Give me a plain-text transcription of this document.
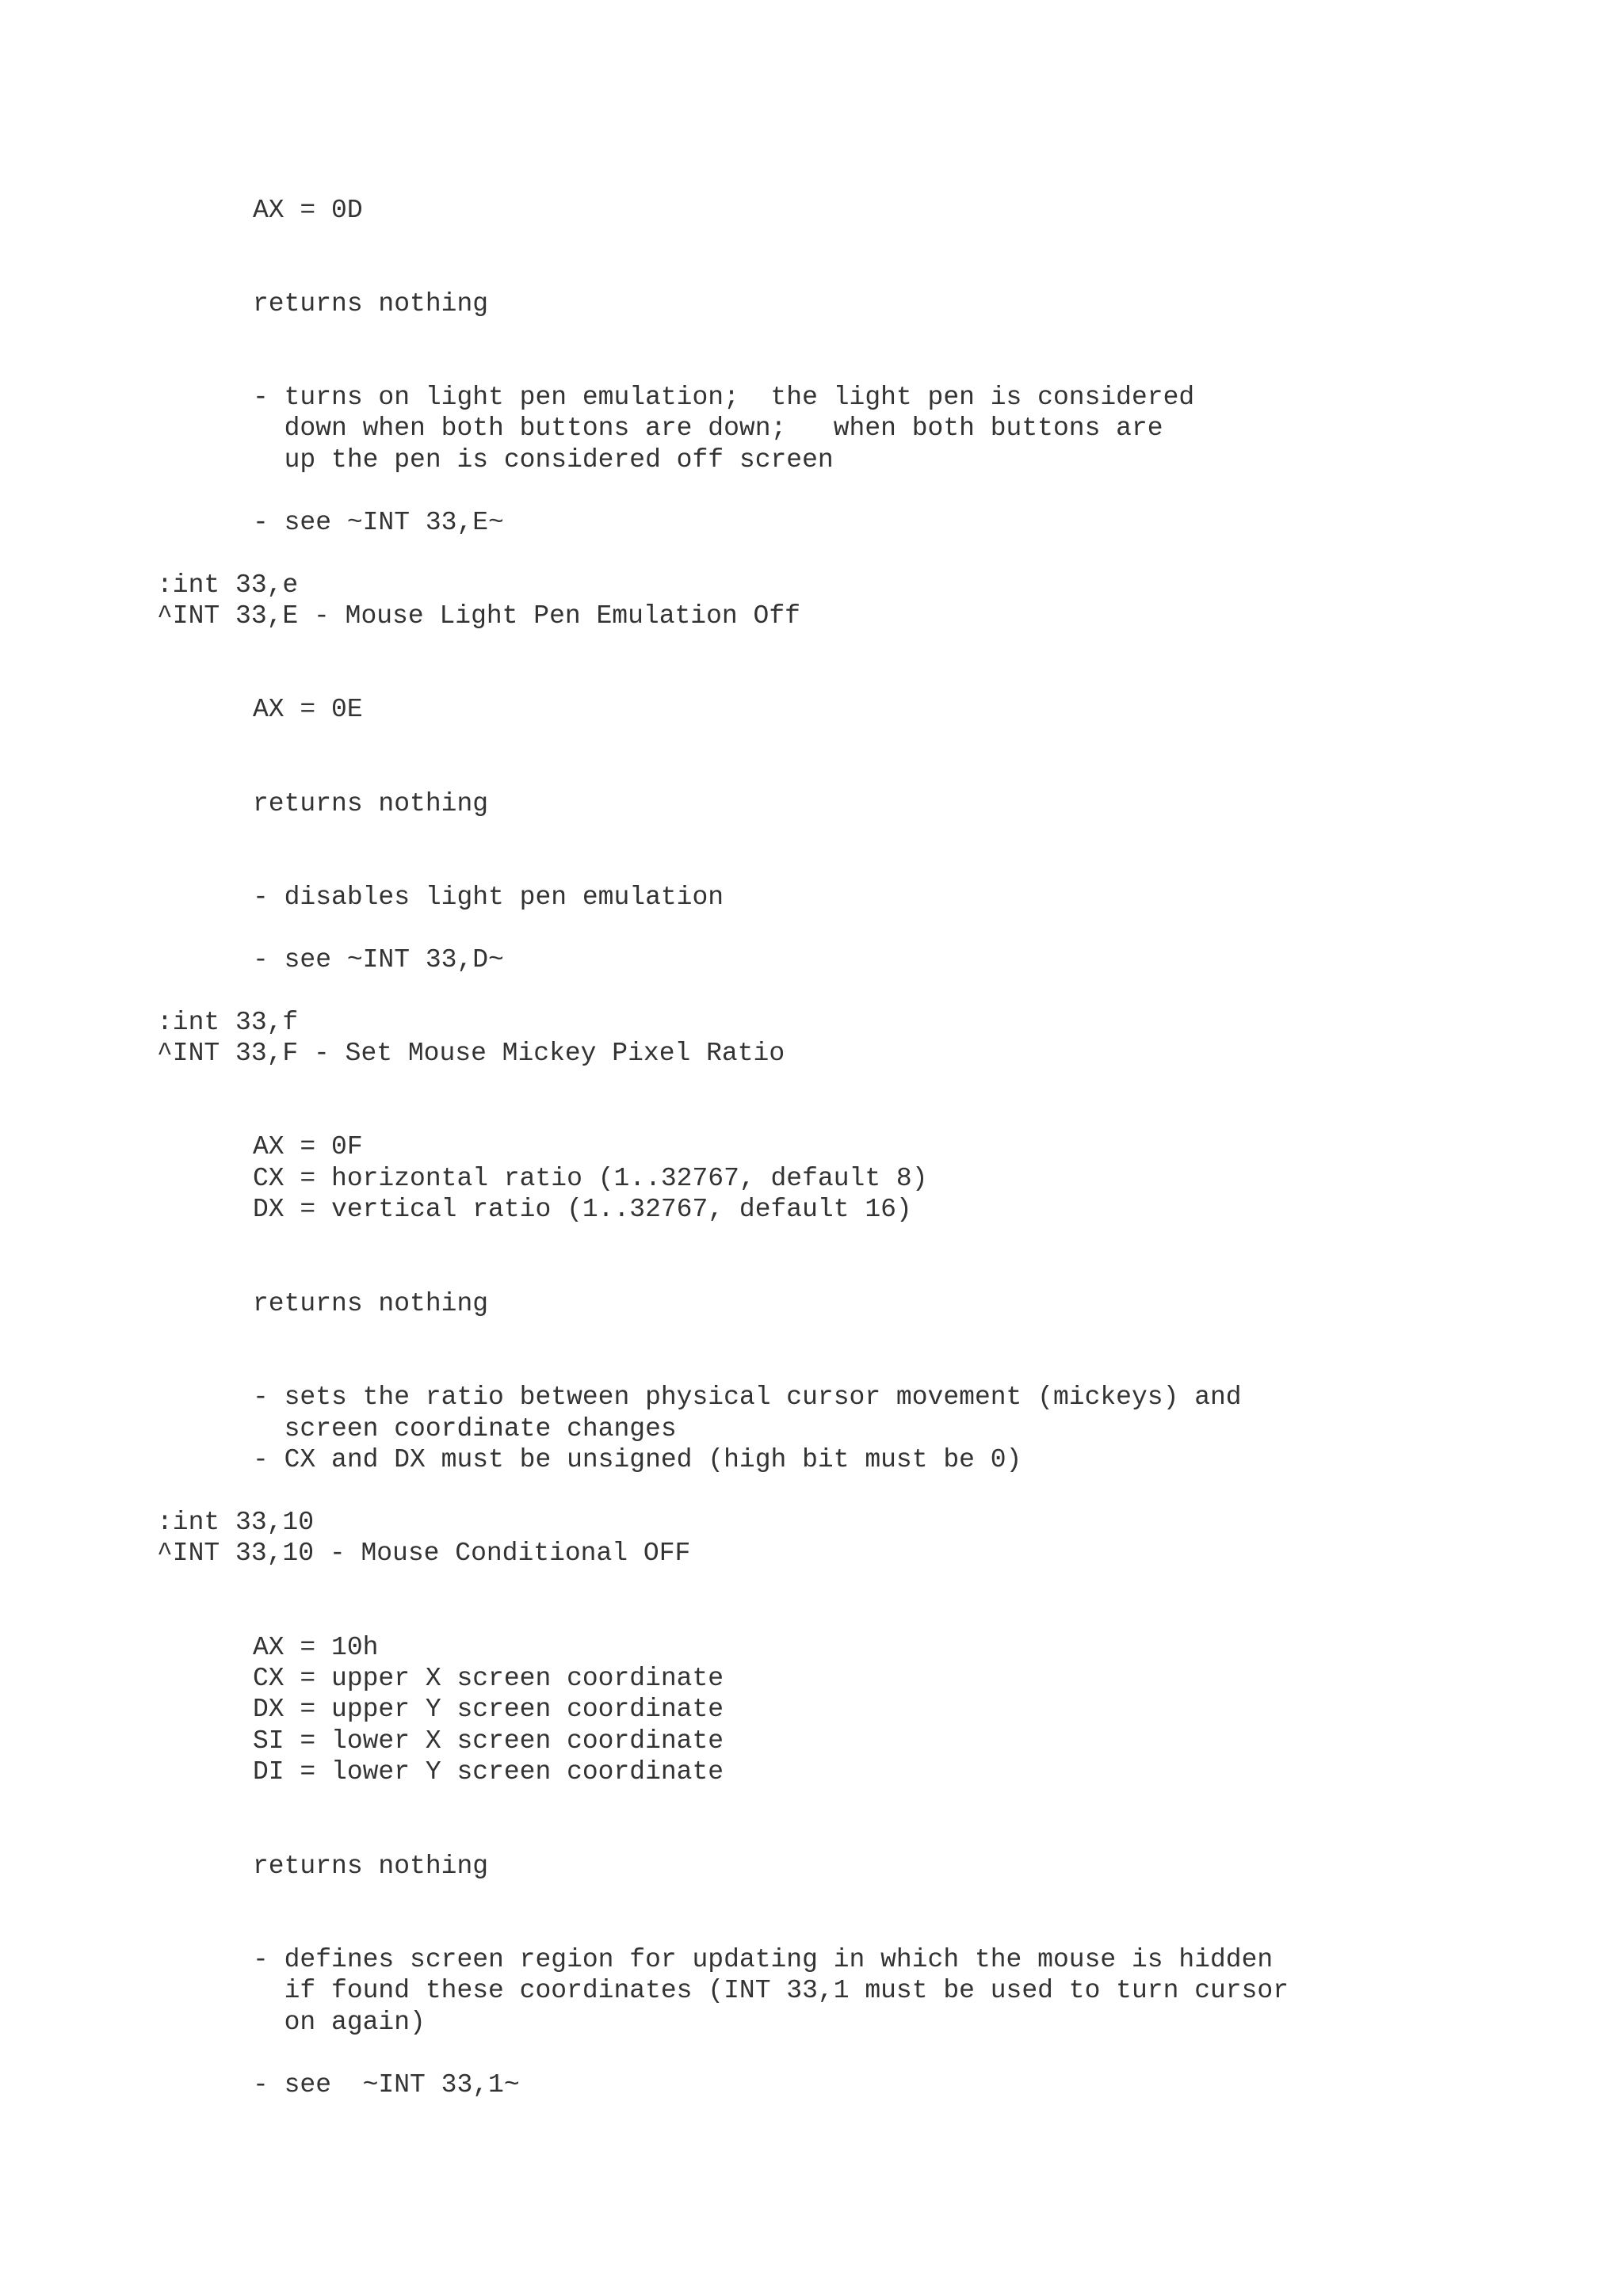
AX = 0D
returns nothing
- turns on light pen emulation;  the light pen is considered
down when both buttons are down;   when both buttons are
up the pen is considered off screen
- see ~INT 33,E~
:int 33,e
^INT 33,E - Mouse Light Pen Emulation Off
AX = 0E
returns nothing
- disables light pen emulation
- see ~INT 33,D~
:int 33,f
^INT 33,F - Set Mouse Mickey Pixel Ratio
AX = 0F
CX = horizontal ratio (1..32767, default 8)
DX = vertical ratio (1..32767, default 16)
returns nothing
- sets the ratio between physical cursor movement (mickeys) and
screen coordinate changes
- CX and DX must be unsigned (high bit must be 0)
:int 33,10
^INT 33,10 - Mouse Conditional OFF
AX = 10h
CX = upper X screen coordinate
DX = upper Y screen coordinate
SI = lower X screen coordinate
DI = lower Y screen coordinate
returns nothing
- defines screen region for updating in which the mouse is hidden
if found these coordinates (INT 33,1 must be used to turn cursor
on again)
- see  ~INT 33,1~
